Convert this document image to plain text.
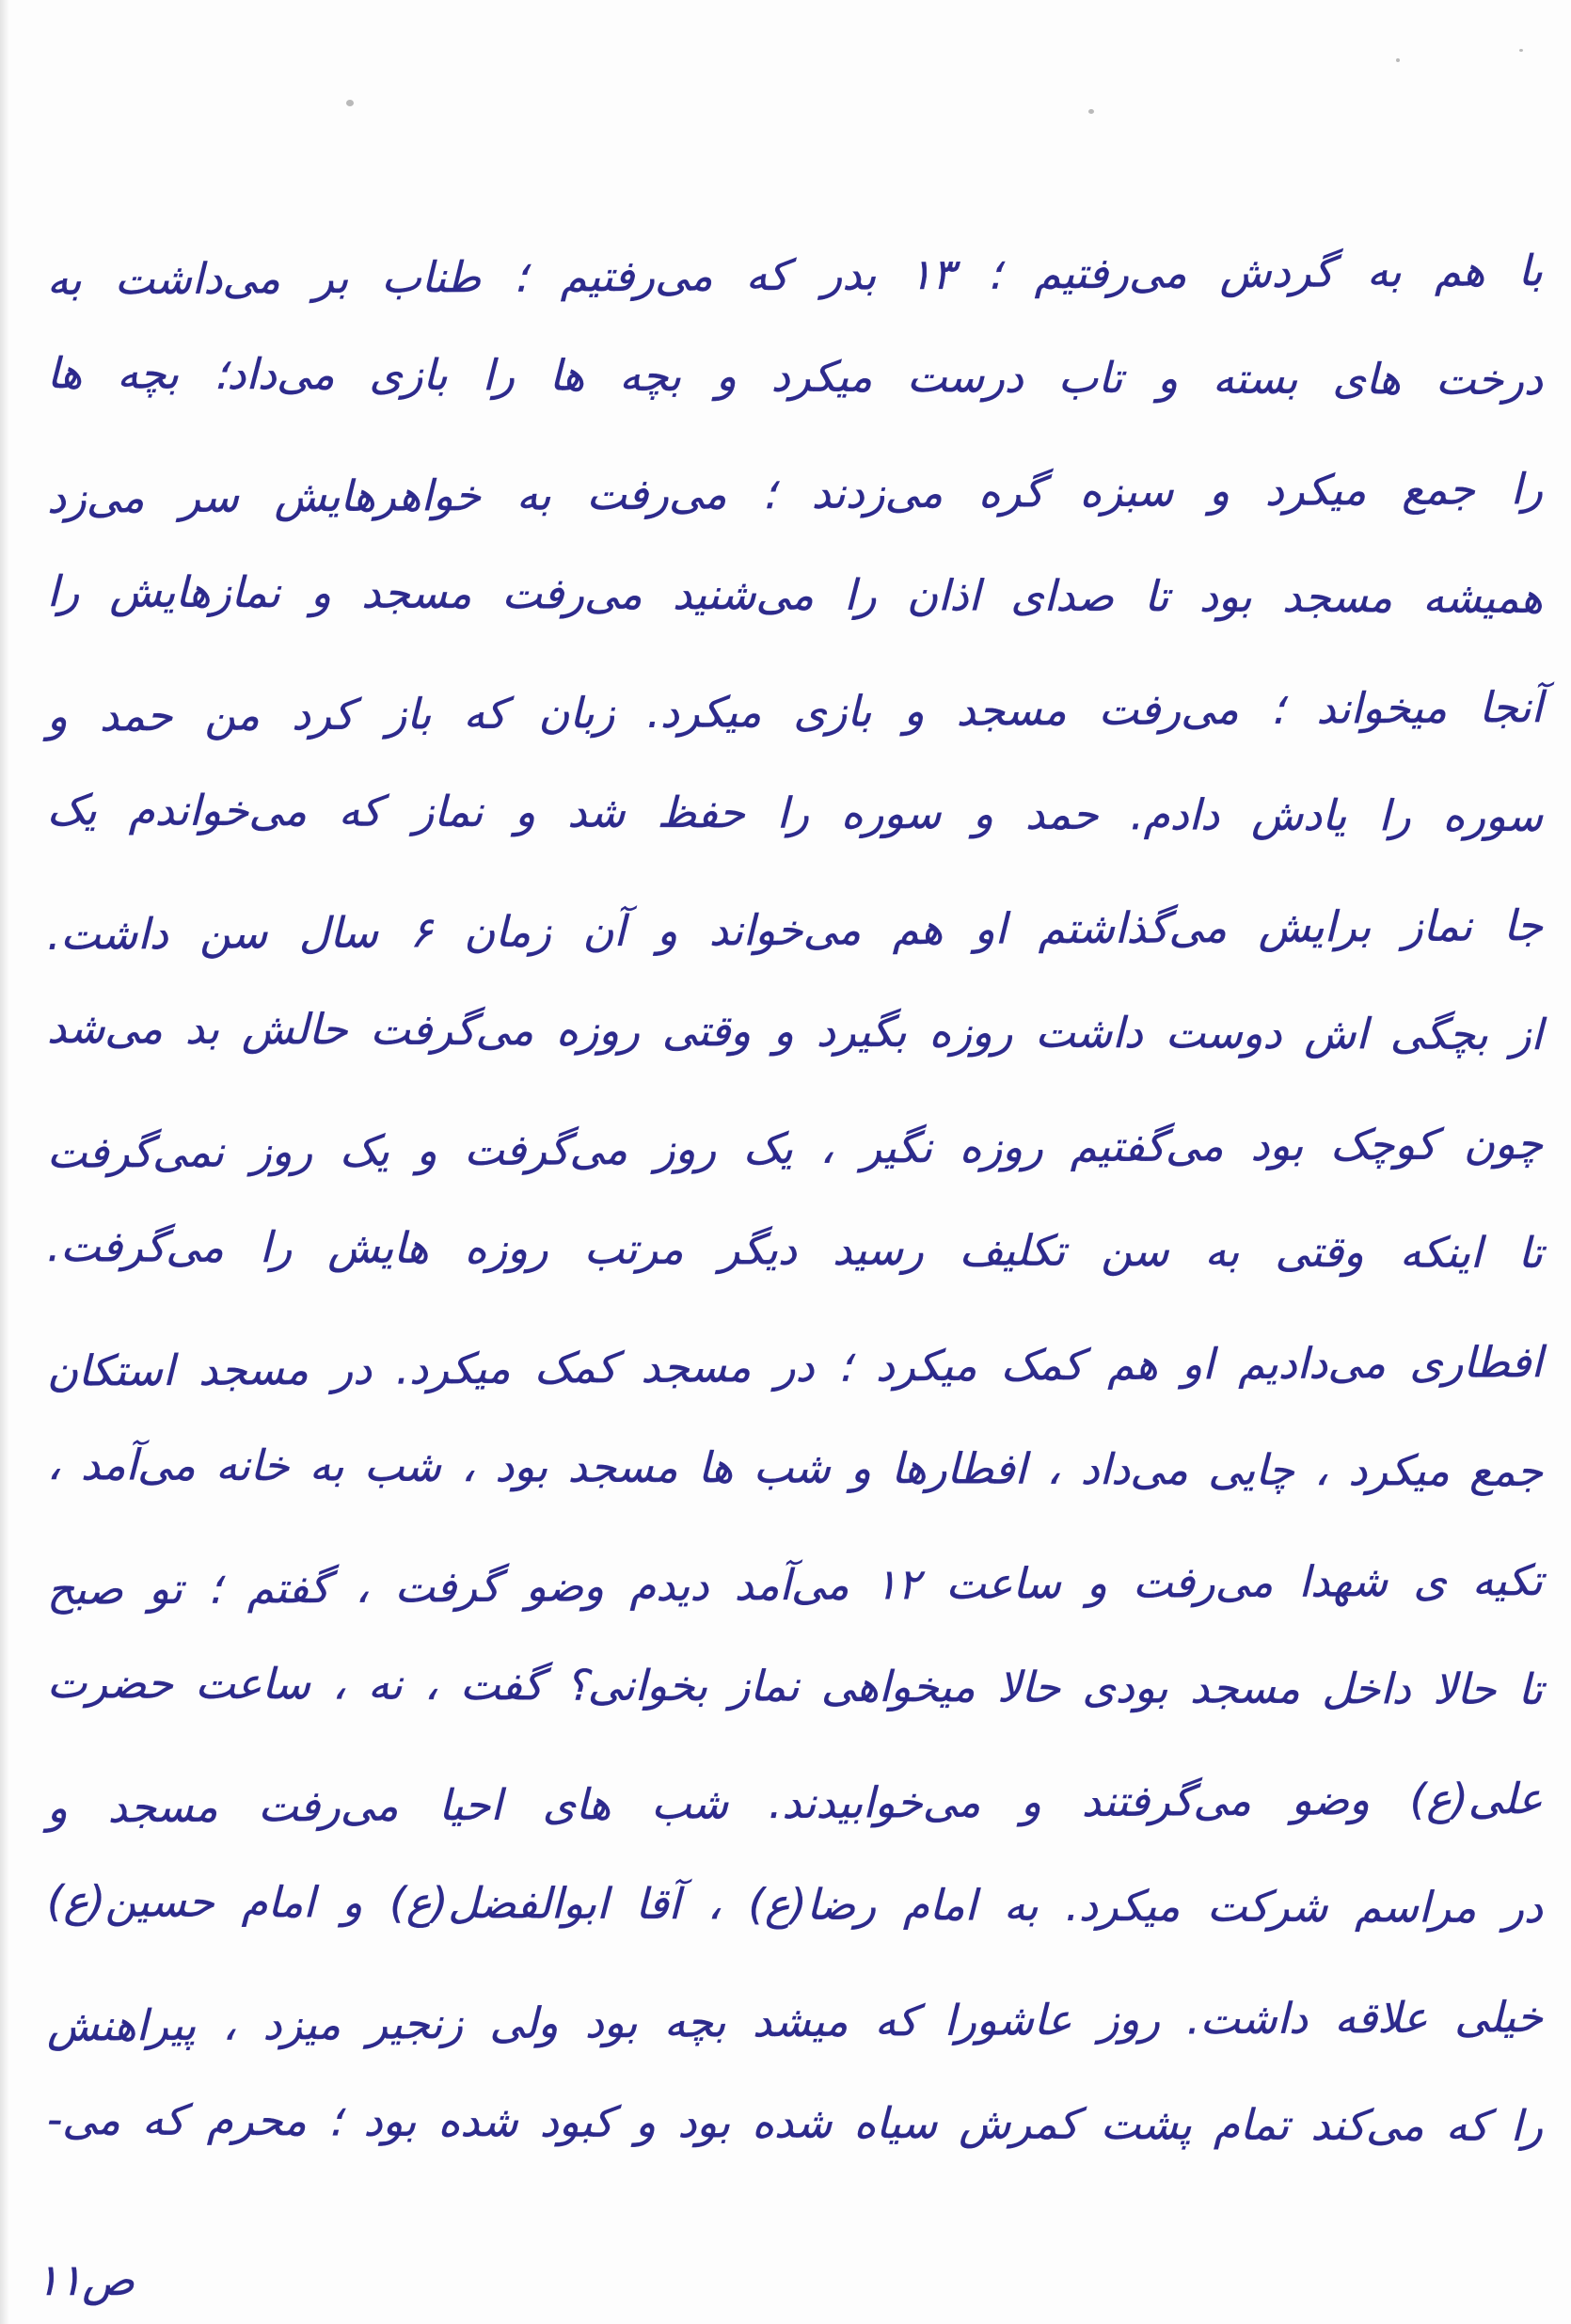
با هم به گردش می‌رفتیم ؛ ۱۳ بدر که می‌رفتیم ؛ طناب بر می‌داشت به
درخت های بسته و تاب درست میکرد و بچه ها را بازی می‌داد؛ بچه ها
را جمع میکرد و سبزه گره می‌زدند ؛ می‌رفت به خواهرهایش سر می‌زد
همیشه مسجد بود تا صدای اذان را می‌شنید می‌رفت مسجد و نمازهایش را
آنجا میخواند ؛ می‌رفت مسجد و بازی میکرد. زبان که باز کرد من حمد و
سوره را یادش دادم. حمد و سوره را حفظ شد و نماز که می‌خواندم یک
جا نماز برایش می‌گذاشتم او هم می‌خواند و آن زمان ۶ سال سن داشت.
از بچگی اش دوست داشت روزه بگیرد و وقتی روزه می‌گرفت حالش بد می‌شد
چون کوچک بود می‌گفتیم روزه نگیر ، یک روز می‌گرفت و یک روز نمی‌گرفت
تا اینکه وقتی به سن تکلیف رسید دیگر مرتب روزه هایش را می‌گرفت.
افطاری می‌دادیم او هم کمک میکرد ؛ در مسجد کمک میکرد. در مسجد استکان
جمع میکرد ، چایی می‌داد ، افطارها و شب ها مسجد بود ، شب به خانه می‌آمد ،
تکیه ی شهدا می‌رفت و ساعت ۱۲ می‌آمد دیدم وضو گرفت ، گفتم ؛ تو صبح
تا حالا داخل مسجد بودی حالا میخواهی نماز بخوانی؟ گفت ، نه ، ساعت حضرت
علی(ع) وضو می‌گرفتند و می‌خوابیدند. شب های احیا می‌رفت مسجد و
در مراسم شرکت میکرد. به امام رضا(ع) ، آقا ابوالفضل(ع) و امام حسین(ع)
خیلی علاقه داشت. روز عاشورا که میشد بچه بود ولی زنجیر میزد ، پیراهنش
را که می‌کند تمام پشت کمرش سیاه شده بود و کبود شده بود ؛ محرم که می-
ص۱۱
